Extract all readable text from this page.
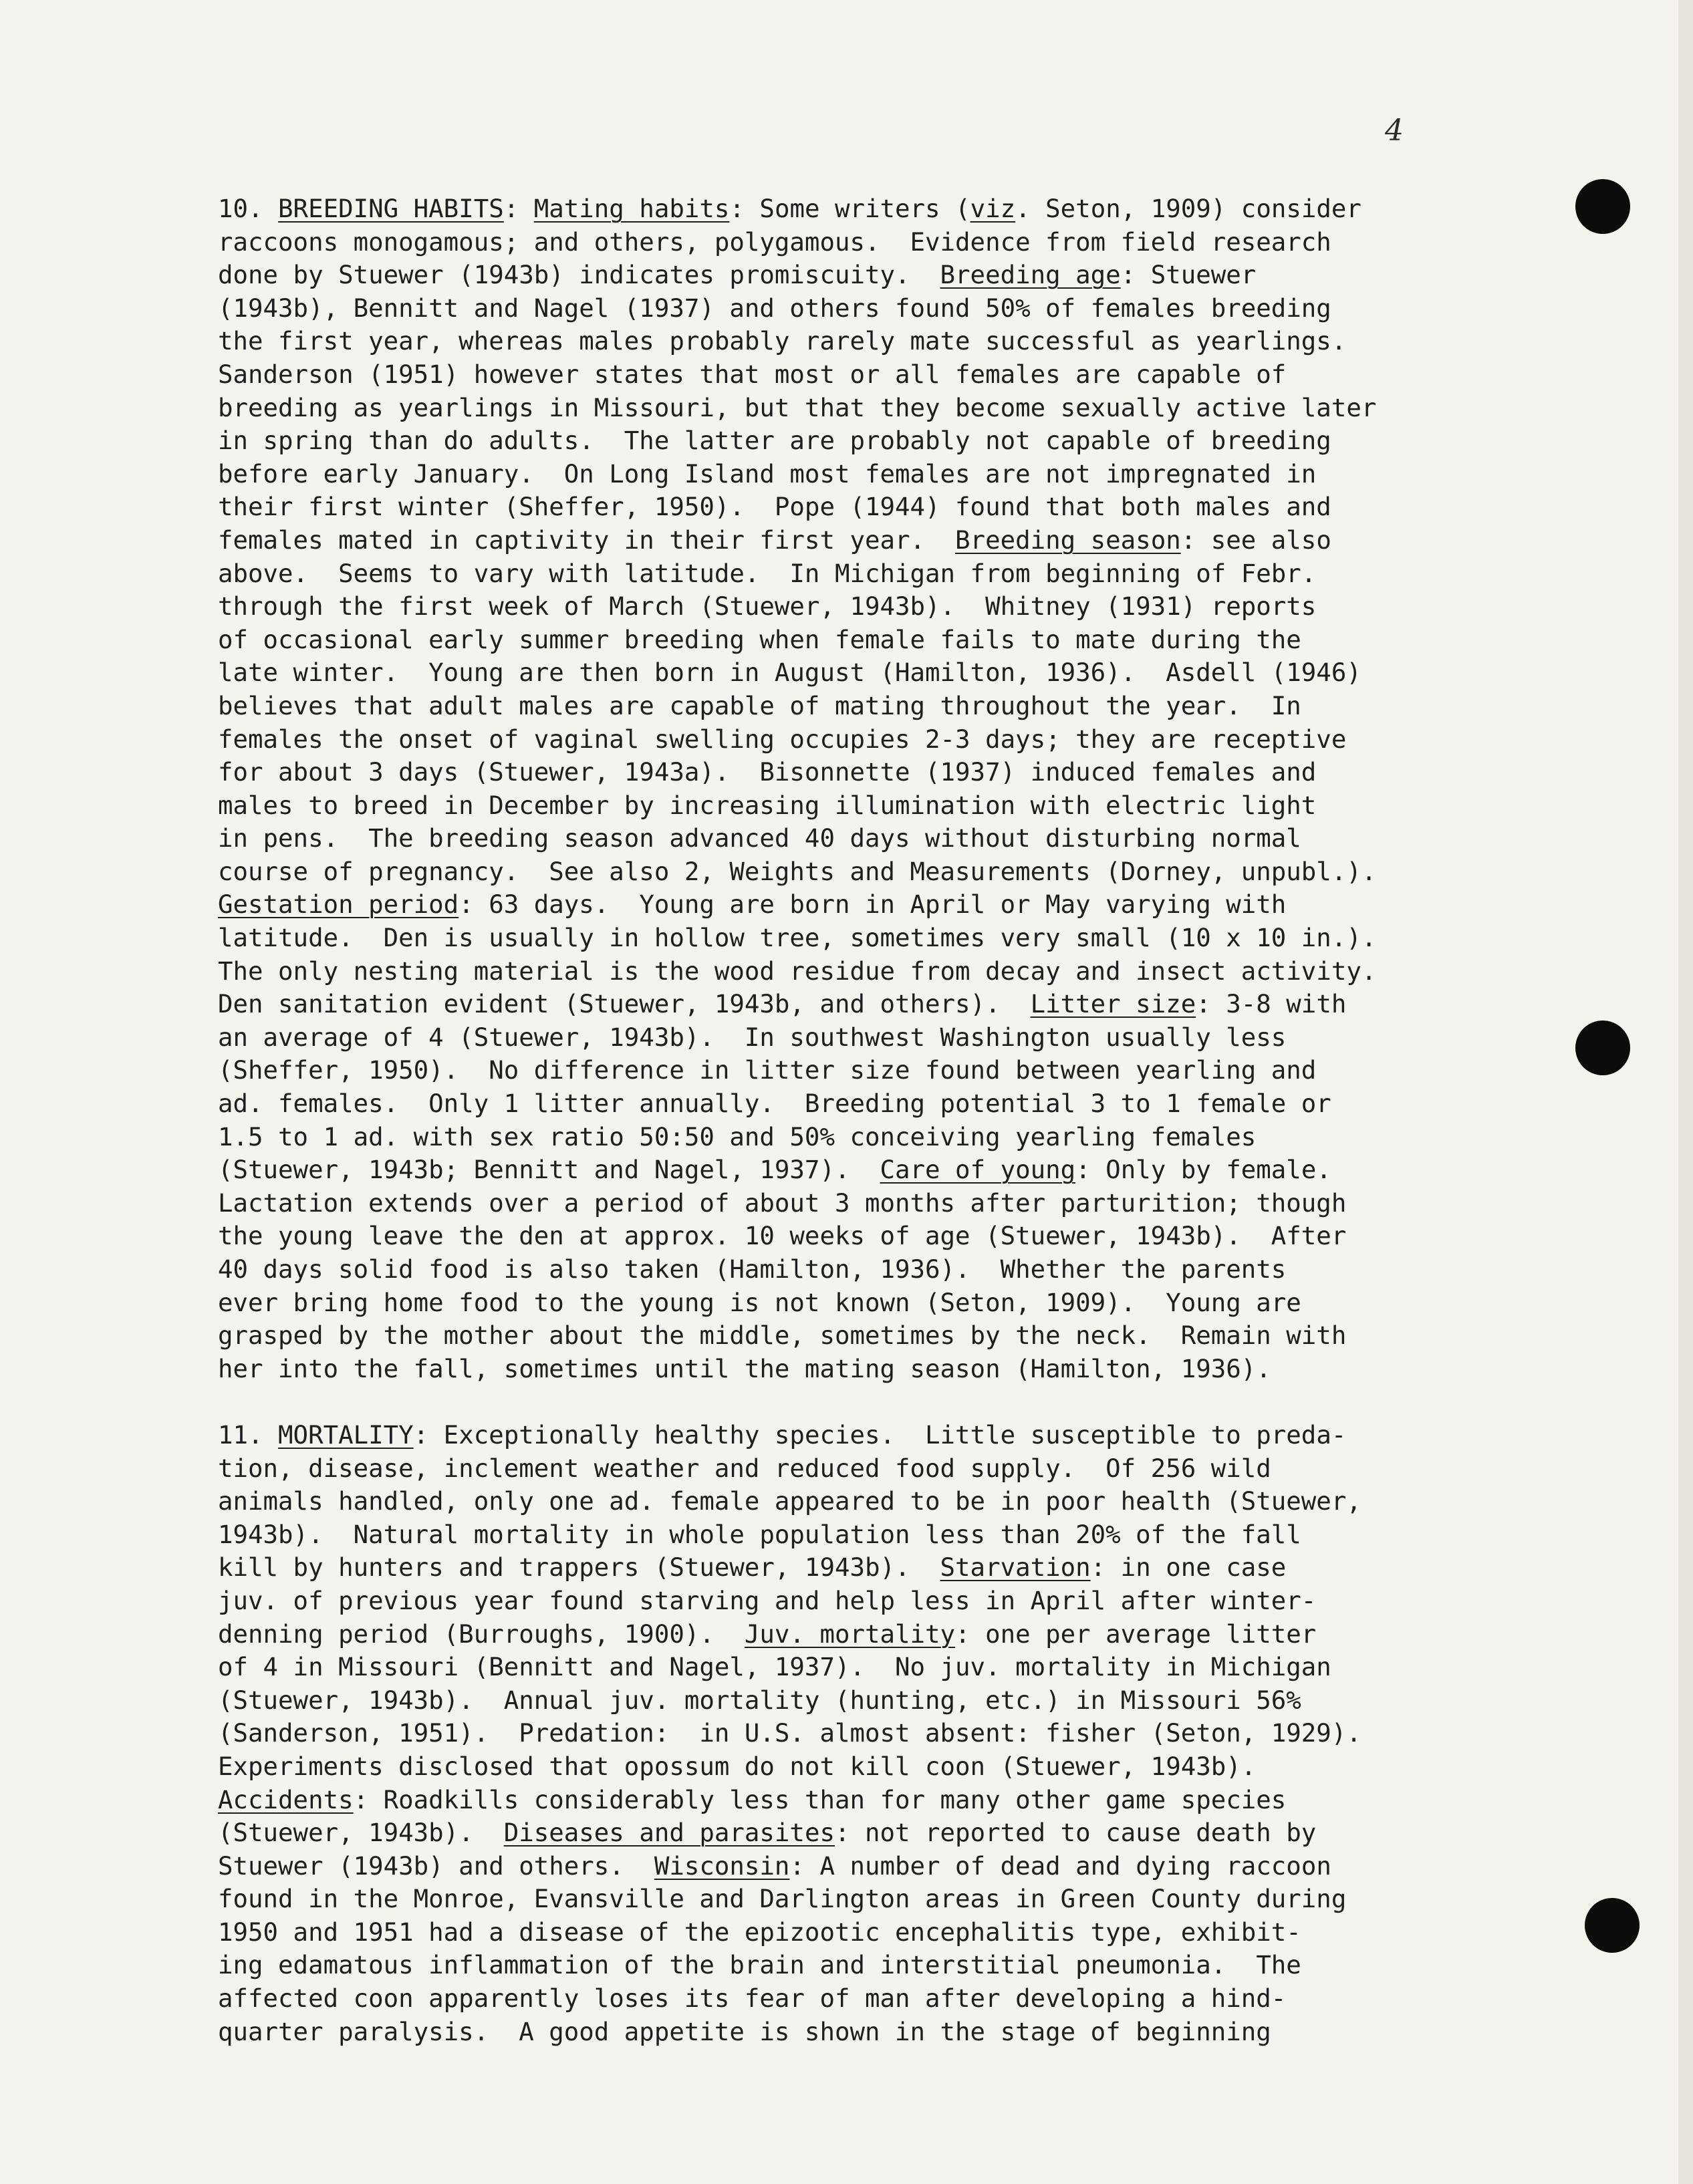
4
10. BREEDING HABITS: Mating habits: Some writers (viz. Seton, 1909) consider
raccoons monogamous; and others, polygamous.  Evidence from field research
done by Stuewer (1943b) indicates promiscuity.  Breeding age: Stuewer
(1943b), Bennitt and Nagel (1937) and others found 50% of females breeding
the first year, whereas males probably rarely mate successful as yearlings.
Sanderson (1951) however states that most or all females are capable of
breeding as yearlings in Missouri, but that they become sexually active later
in spring than do adults.  The latter are probably not capable of breeding
before early January.  On Long Island most females are not impregnated in
their first winter (Sheffer, 1950).  Pope (1944) found that both males and
females mated in captivity in their first year.  Breeding season: see also
above.  Seems to vary with latitude.  In Michigan from beginning of Febr.
through the first week of March (Stuewer, 1943b).  Whitney (1931) reports
of occasional early summer breeding when female fails to mate during the
late winter.  Young are then born in August (Hamilton, 1936).  Asdell (1946)
believes that adult males are capable of mating throughout the year.  In
females the onset of vaginal swelling occupies 2-3 days; they are receptive
for about 3 days (Stuewer, 1943a).  Bisonnette (1937) induced females and
males to breed in December by increasing illumination with electric light
in pens.  The breeding season advanced 40 days without disturbing normal
course of pregnancy.  See also 2, Weights and Measurements (Dorney, unpubl.).
Gestation period: 63 days.  Young are born in April or May varying with
latitude.  Den is usually in hollow tree, sometimes very small (10 x 10 in.).
The only nesting material is the wood residue from decay and insect activity.
Den sanitation evident (Stuewer, 1943b, and others).  Litter size: 3-8 with
an average of 4 (Stuewer, 1943b).  In southwest Washington usually less
(Sheffer, 1950).  No difference in litter size found between yearling and
ad. females.  Only 1 litter annually.  Breeding potential 3 to 1 female or
1.5 to 1 ad. with sex ratio 50:50 and 50% conceiving yearling females
(Stuewer, 1943b; Bennitt and Nagel, 1937).  Care of young: Only by female.
Lactation extends over a period of about 3 months after parturition; though
the young leave the den at approx. 10 weeks of age (Stuewer, 1943b).  After
40 days solid food is also taken (Hamilton, 1936).  Whether the parents
ever bring home food to the young is not known (Seton, 1909).  Young are
grasped by the mother about the middle, sometimes by the neck.  Remain with
her into the fall, sometimes until the mating season (Hamilton, 1936).
11. MORTALITY: Exceptionally healthy species.  Little susceptible to preda-
tion, disease, inclement weather and reduced food supply.  Of 256 wild
animals handled, only one ad. female appeared to be in poor health (Stuewer,
1943b).  Natural mortality in whole population less than 20% of the fall
kill by hunters and trappers (Stuewer, 1943b).  Starvation: in one case
juv. of previous year found starving and help less in April after winter-
denning period (Burroughs, 1900).  Juv. mortality: one per average litter
of 4 in Missouri (Bennitt and Nagel, 1937).  No juv. mortality in Michigan
(Stuewer, 1943b).  Annual juv. mortality (hunting, etc.) in Missouri 56%
(Sanderson, 1951).  Predation:  in U.S. almost absent: fisher (Seton, 1929).
Experiments disclosed that opossum do not kill coon (Stuewer, 1943b).
Accidents: Roadkills considerably less than for many other game species
(Stuewer, 1943b).  Diseases and parasites: not reported to cause death by
Stuewer (1943b) and others.  Wisconsin: A number of dead and dying raccoon
found in the Monroe, Evansville and Darlington areas in Green County during
1950 and 1951 had a disease of the epizootic encephalitis type, exhibit-
ing edamatous inflammation of the brain and interstitial pneumonia.  The
affected coon apparently loses its fear of man after developing a hind-
quarter paralysis.  A good appetite is shown in the stage of beginning
